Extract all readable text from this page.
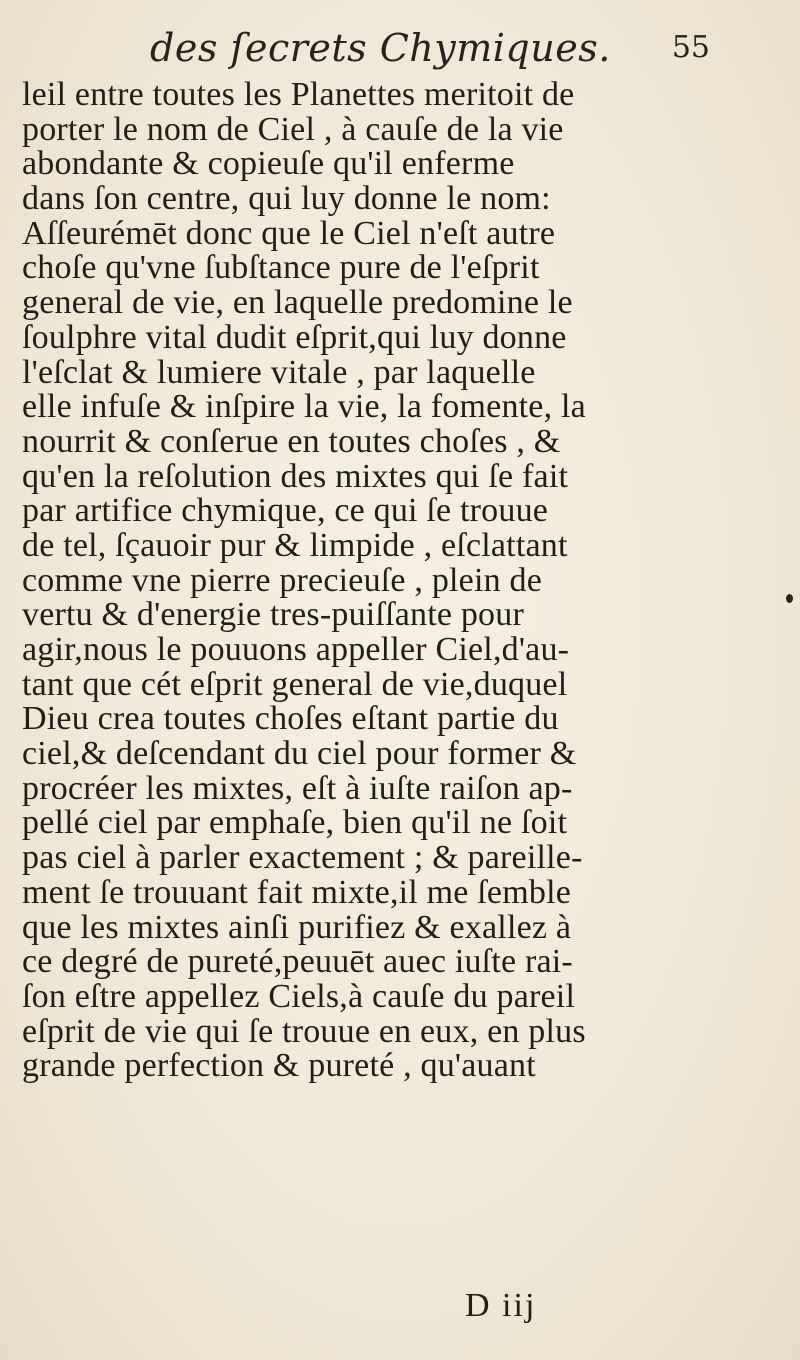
des ſecrets Chymiques. 55
leil entre toutes les Planettes meritoit de
porter le nom de Ciel , à cauſe de la vie
abondante & copieuſe qu'il enferme
dans ſon centre, qui luy donne le nom:
Aſſeurémēt donc que le Ciel n'eſt autre
choſe qu'vne ſubſtance pure de l'eſprit
general de vie, en laquelle predomine le
ſoulphre vital dudit eſprit,qui luy donne
l'eſclat & lumiere vitale , par laquelle
elle infuſe & inſpire la vie, la fomente, la
nourrit & conſerue en toutes choſes , &
qu'en la reſolution des mixtes qui ſe fait
par artifice chymique, ce qui ſe trouue
de tel, ſçauoir pur & limpide , eſclattant
comme vne pierre precieuſe , plein de
vertu & d'energie tres-puiſſante pour
agir,nous le pouuons appeller Ciel,d'au-
tant que cét eſprit general de vie,duquel
Dieu crea toutes choſes eſtant partie du
ciel,& deſcendant du ciel pour former &
procréer les mixtes, eſt à iuſte raiſon ap-
pellé ciel par emphaſe, bien qu'il ne ſoit
pas ciel à parler exactement ; & pareille-
ment ſe trouuant fait mixte,il me ſemble
que les mixtes ainſi purifiez & exallez à
ce degré de pureté,peuuēt auec iuſte rai-
ſon eſtre appellez Ciels,à cauſe du pareil
eſprit de vie qui ſe trouue en eux, en plus
grande perfection & pureté , qu'auant
D iij
